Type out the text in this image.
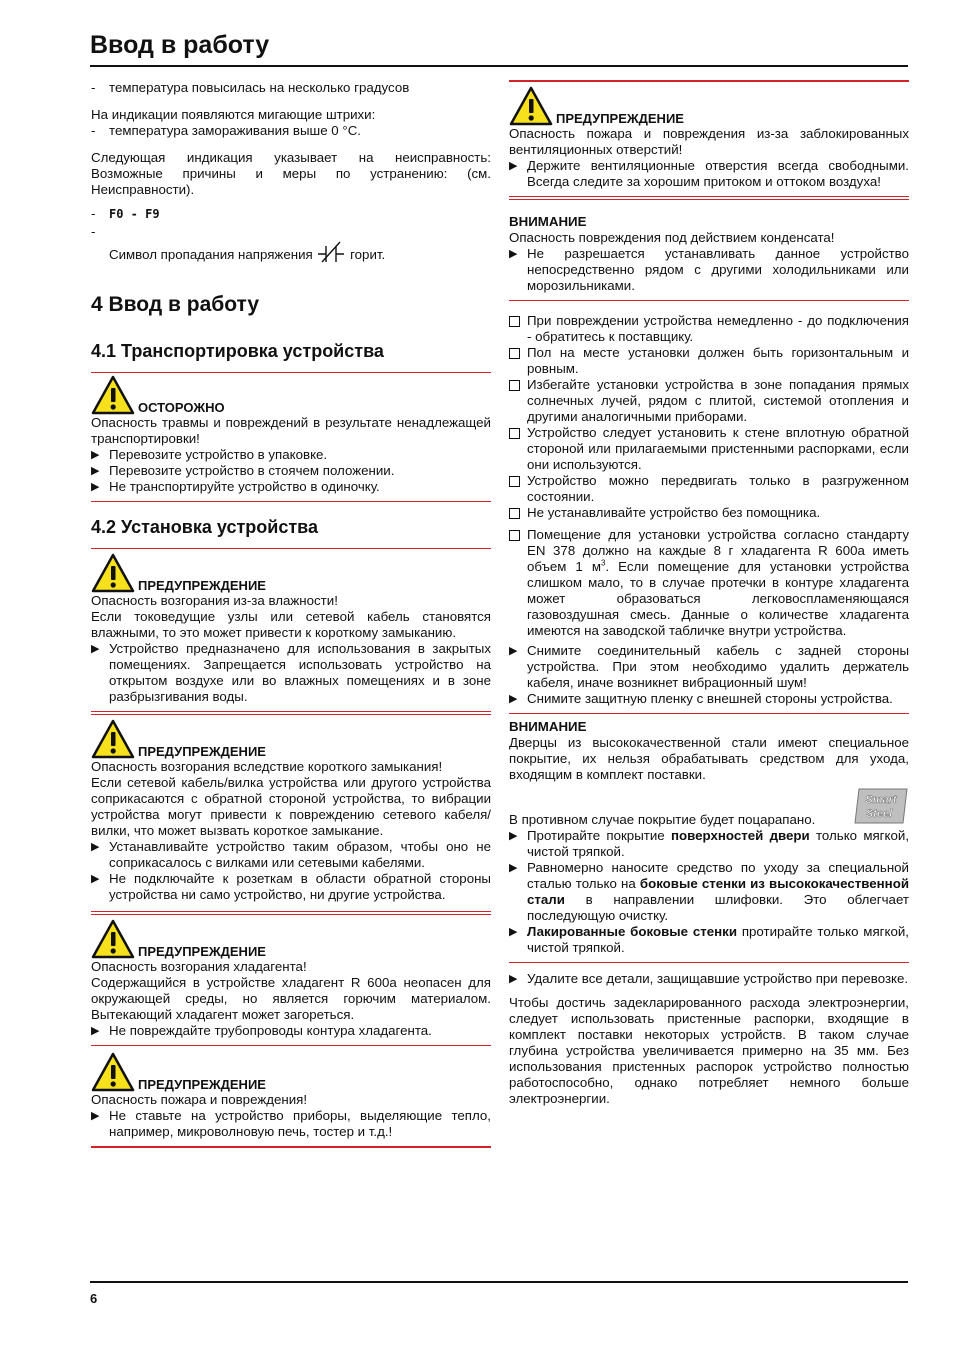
Ввод в работу
-	температура повысилась на несколько градусов

На индикации появляются мигающие штрихи:

-	температура замораживания выше 0 °C.

Следующая индикация указывает на неисправность: Возможные причины и меры по устранению: (см. Неисправности).

-	F0 - F9
-
Символ пропадания напряжения	горит.
4 Ввод в работу
4.1 Транспортировка устройства
ОСТОРОЖНО

Опасность травмы и повреждений в результате ненадлежащей транспортировки!

▶ Перевозите устройство в упаковке.
▶ Перевозите устройство в стоячем положении.
▶ Не транспортируйте устройство в одиночку.
4.2 Установка устройства
ПРЕДУПРЕЖДЕНИЕ

Опасность возгорания из-за влажности!

Если токоведущие узлы или сетевой кабель становятся влажными, то это может привести к короткому замыканию.

▶ Устройство предназначено для использования в закрытых помещениях. Запрещается использовать устройство на открытом воздухе или во влажных помещениях и в зоне разбрызгивания воды.
ПРЕДУПРЕЖДЕНИЕ

Опасность возгорания вследствие короткого замыкания!

Если сетевой кабель/вилка устройства или другого устройства соприкасаются с обратной стороной устройства, то вибрации устройства могут привести к повреждению сетевого кабеля/вилки, что может вызвать короткое замыкание.

▶ Устанавливайте устройство таким образом, чтобы оно не соприкасалось с вилками или сетевыми кабелями.
▶ Не подключайте к розеткам в области обратной стороны устройства ни само устройство, ни другие устройства.
ПРЕДУПРЕЖДЕНИЕ

Опасность возгорания хладагента!

Содержащийся в устройстве хладагент R 600a неопасен для окружающей среды, но является горючим материалом. Вытекающий хладагент может загореться.

▶ Не повреждайте трубопроводы контура хладагента.
ПРЕДУПРЕЖДЕНИЕ

Опасность пожара и повреждения!

▶ Не ставьте на устройство приборы, выделяющие тепло, например, микроволновую печь, тостер и т.д.!
ПРЕДУПРЕЖДЕНИЕ

Опасность пожара и повреждения из-за заблокированных вентиляционных отверстий!

▶ Держите вентиляционные отверстия всегда свободными. Всегда следите за хорошим притоком и оттоком воздуха!
ВНИМАНИЕ

Опасность повреждения под действием конденсата!

▶ Не разрешается устанавливать данное устройство непосредственно рядом с другими холодильниками или морозильниками.
При повреждении устройства немедленно - до подключения - обратитесь к поставщику.
Пол на месте установки должен быть горизонтальным и ровным.
Избегайте установки устройства в зоне попадания прямых солнечных лучей, рядом с плитой, системой отопления и другими аналогичными приборами.
Устройство следует установить к стене вплотную обратной стороной или прилагаемыми пристенными распорками, если они используются.
Устройство можно передвигать только в разгруженном состоянии.
Не устанавливайте устройство без помощника.
Помещение для установки устройства согласно стандарту EN 378 должно на каждые 8 г хладагента R 600a иметь объем 1 $м^3$. Если помещение для установки устройства слишком мало, то в случае протечки в контуре хладагента может образоваться легковоспламеняющаяся газовоздушная смесь. Данные о количестве хладагента имеются на заводской табличке внутри устройства.
▶ Снимите соединительный кабель с задней стороны устройства. При этом необходимо удалить держатель кабеля, иначе возникнет вибрационный шум!
▶ Снимите защитную пленку с внешней стороны устройства.
ВНИМАНИЕ

Дверцы из высококачественной стали имеют специальное покрытие, их нельзя обрабатывать средством для ухода, входящим в комплект поставки.

Smart
Steel

В противном случае покрытие будет поцарапано.

▶ Протирайте покрытие поверхностей двери только мягкой, чистой тряпкой.
▶ Равномерно наносите средство по уходу за специальной сталью только на боковые стенки из высококачественной стали в направлении шлифовки. Это облегчает последующую очистку.
▶ Лакированные боковые стенки протирайте только мягкой, чистой тряпкой.
▶ Удалите все детали, защищавшие устройство при перевозке.

Чтобы достичь задекларированного расхода электроэнергии, следует использовать пристенные распорки, входящие в комплект поставки некоторых устройств. В таком случае глубина устройства увеличивается примерно на 35 мм. Без использования пристенных распорок устройство полностью работоспособно, однако потребляет немного больше электроэнергии.

6
